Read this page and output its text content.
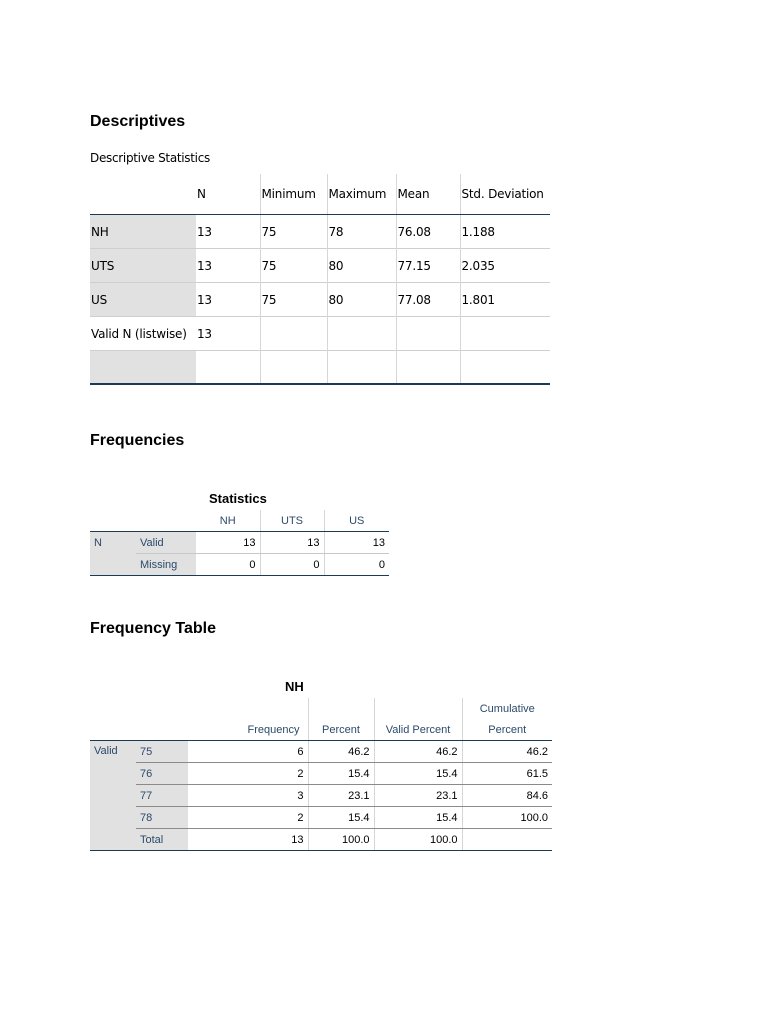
Descriptives
Descriptive Statistics
	N	Minimum	Maximum	Mean	Std. Deviation
NH	13	75	78	76.08	1.188
UTS	13	75	80	77.15	2.035
US	13	75	80	77.08	1.801
Valid N (listwise)	13				

Frequencies
Statistics
		NH	UTS	US
N	Valid	13	13	13
	Missing	0	0	0
Frequency Table
NH
					Cumulative
		Frequency	Percent	Valid Percent	Percent
Valid	75	6	46.2	46.2	46.2
	76	2	15.4	15.4	61.5
	77	3	23.1	23.1	84.6
	78	2	15.4	15.4	100.0
	Total	13	100.0	100.0	
